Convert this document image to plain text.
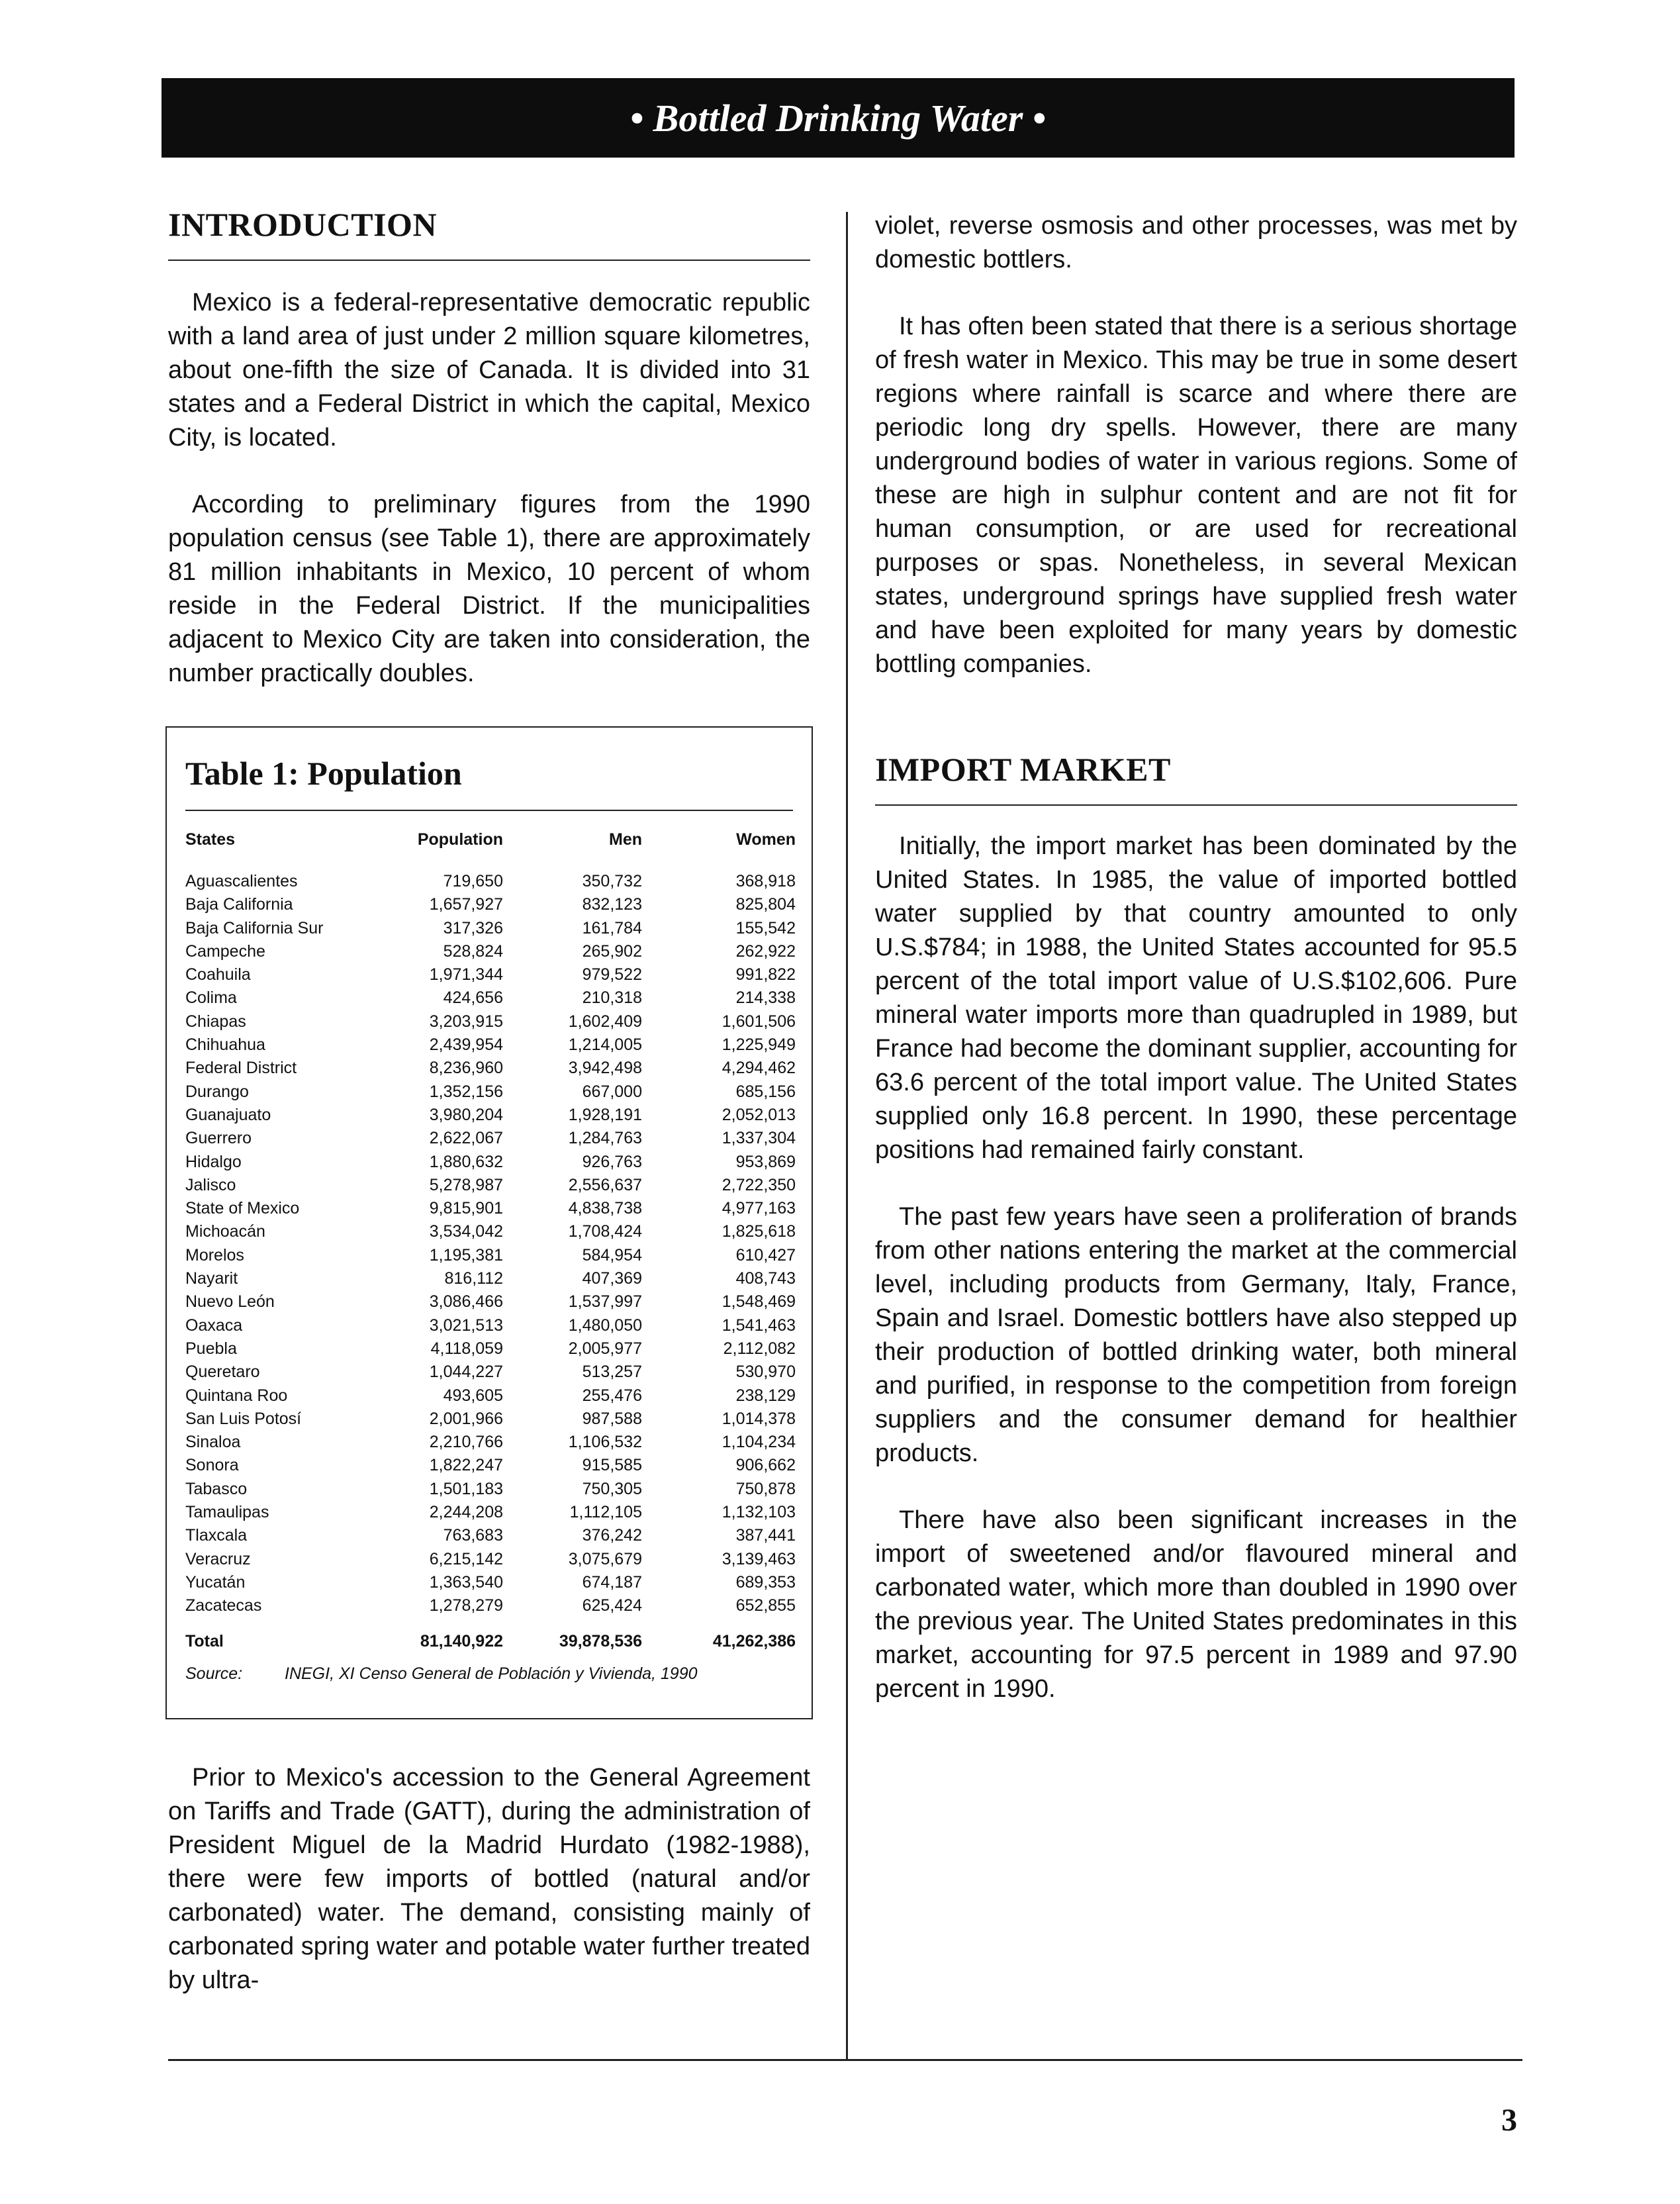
• Bottled Drinking Water •
INTRODUCTION

Mexico is a federal-representative democratic republic with a land area of just under 2 million square kilometres, about one-fifth the size of Canada. It is divided into 31 states and a Federal District in which the capital, Mexico City, is located.

According to preliminary figures from the 1990 population census (see Table 1), there are approximately 81 million inhabitants in Mexico, 10 percent of whom reside in the Federal District. If the municipalities adjacent to Mexico City are taken into consideration, the number practically doubles.

Table 1: Population
States	Population	Men	Women
Aguascalientes	719,650	350,732	368,918
Baja California	1,657,927	832,123	825,804
Baja California Sur	317,326	161,784	155,542
Campeche	528,824	265,902	262,922
Coahuila	1,971,344	979,522	991,822
Colima	424,656	210,318	214,338
Chiapas	3,203,915	1,602,409	1,601,506
Chihuahua	2,439,954	1,214,005	1,225,949
Federal District	8,236,960	3,942,498	4,294,462
Durango	1,352,156	667,000	685,156
Guanajuato	3,980,204	1,928,191	2,052,013
Guerrero	2,622,067	1,284,763	1,337,304
Hidalgo	1,880,632	926,763	953,869
Jalisco	5,278,987	2,556,637	2,722,350
State of Mexico	9,815,901	4,838,738	4,977,163
Michoacán	3,534,042	1,708,424	1,825,618
Morelos	1,195,381	584,954	610,427
Nayarit	816,112	407,369	408,743
Nuevo León	3,086,466	1,537,997	1,548,469
Oaxaca	3,021,513	1,480,050	1,541,463
Puebla	4,118,059	2,005,977	2,112,082
Queretaro	1,044,227	513,257	530,970
Quintana Roo	493,605	255,476	238,129
San Luis Potosí	2,001,966	987,588	1,014,378
Sinaloa	2,210,766	1,106,532	1,104,234
Sonora	1,822,247	915,585	906,662
Tabasco	1,501,183	750,305	750,878
Tamaulipas	2,244,208	1,112,105	1,132,103
Tlaxcala	763,683	376,242	387,441
Veracruz	6,215,142	3,075,679	3,139,463
Yucatán	1,363,540	674,187	689,353
Zacatecas	1,278,279	625,424	652,855
Total	81,140,922	39,878,536	41,262,386
Source:	INEGI, XI Censo General de Población y Vivienda, 1990

Prior to Mexico's accession to the General Agreement on Tariffs and Trade (GATT), during the administration of President Miguel de la Madrid Hurdato (1982-1988), there were few imports of bottled (natural and/or carbonated) water. The demand, consisting mainly of carbonated spring water and potable water further treated by ultra-

violet, reverse osmosis and other processes, was met by domestic bottlers.

It has often been stated that there is a serious shortage of fresh water in Mexico. This may be true in some desert regions where rainfall is scarce and where there are periodic long dry spells. However, there are many underground bodies of water in various regions. Some of these are high in sulphur content and are not fit for human consumption, or are used for recreational purposes or spas. Nonetheless, in several Mexican states, underground springs have supplied fresh water and have been exploited for many years by domestic bottling companies.

IMPORT MARKET

Initially, the import market has been dominated by the United States. In 1985, the value of imported bottled water supplied by that country amounted to only U.S.$784; in 1988, the United States accounted for 95.5 percent of the total import value of U.S.$102,606. Pure mineral water imports more than quadrupled in 1989, but France had become the dominant supplier, accounting for 63.6 percent of the total import value. The United States supplied only 16.8 percent. In 1990, these percentage positions had remained fairly constant.

The past few years have seen a proliferation of brands from other nations entering the market at the commercial level, including products from Germany, Italy, France, Spain and Israel. Domestic bottlers have also stepped up their production of bottled drinking water, both mineral and purified, in response to the competition from foreign suppliers and the consumer demand for healthier products.

There have also been significant increases in the import of sweetened and/or flavoured mineral and carbonated water, which more than doubled in 1990 over the previous year. The United States predominates in this market, accounting for 97.5 percent in 1989 and 97.90 percent in 1990.

3
